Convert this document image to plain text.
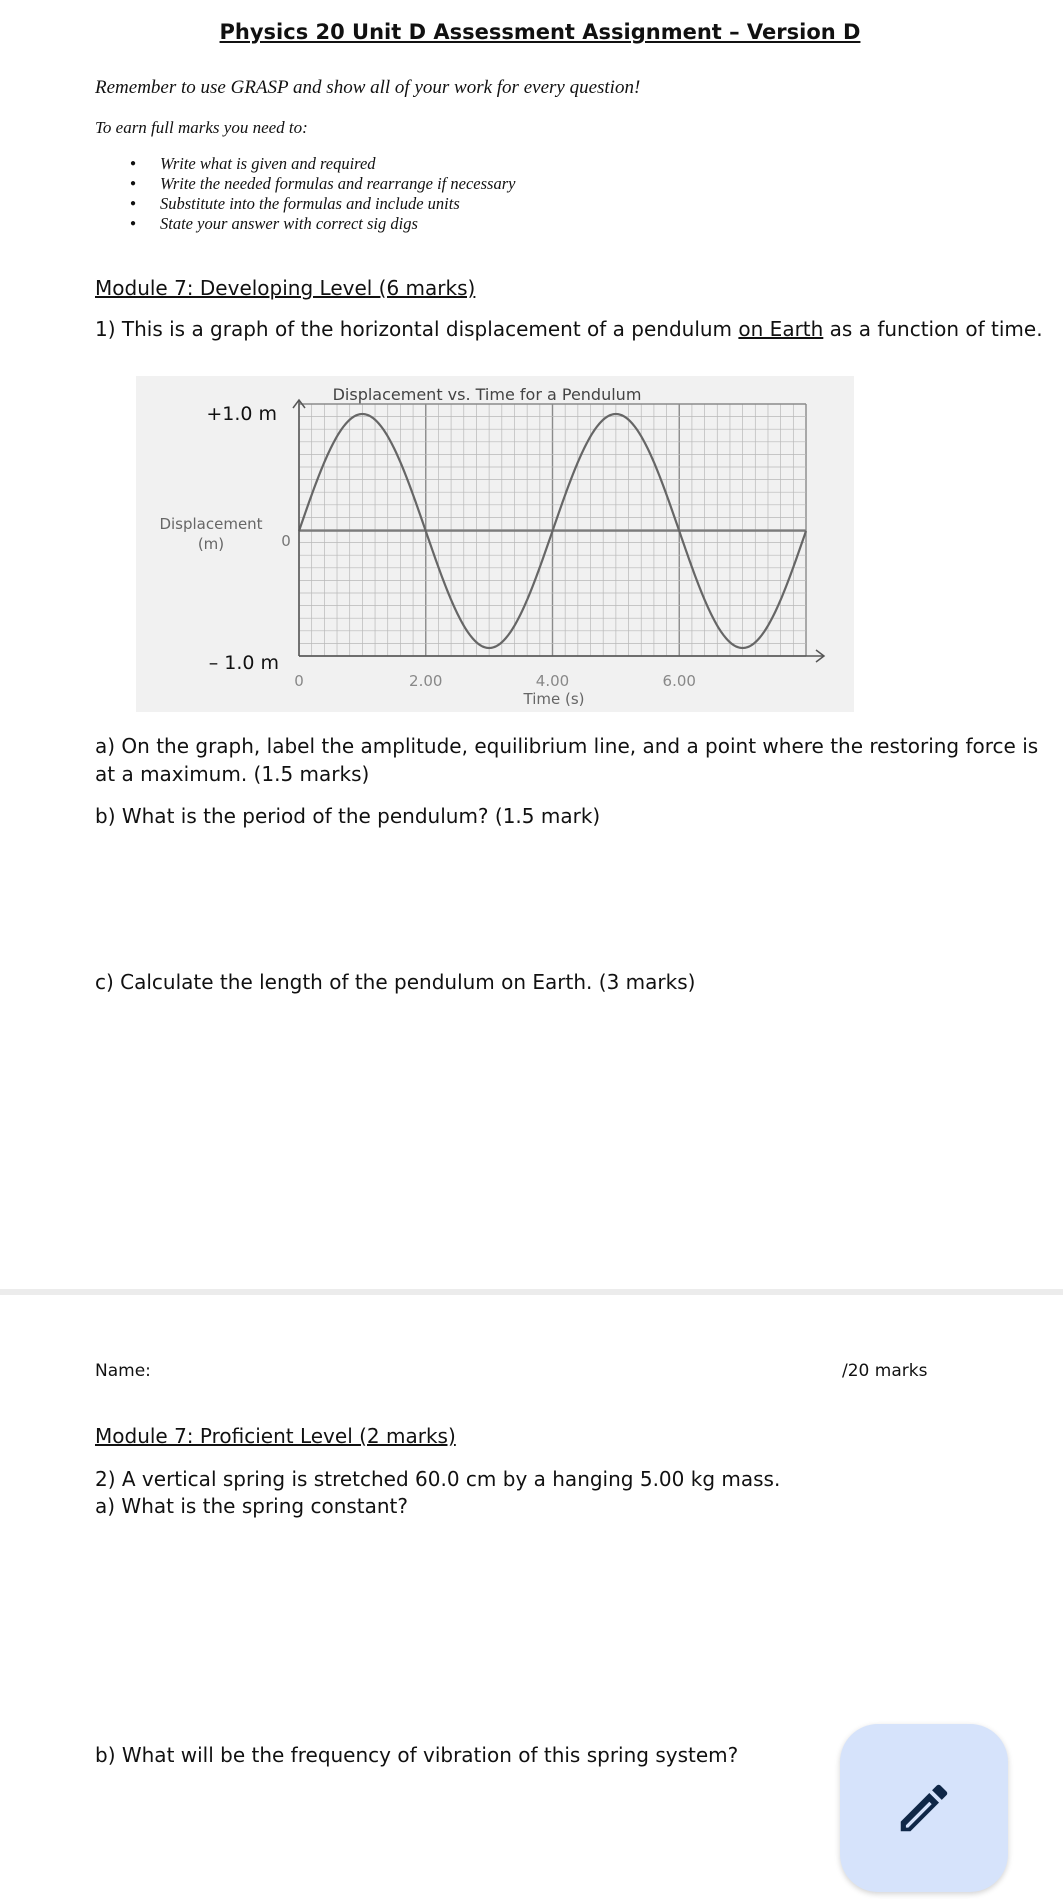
Physics 20 Unit D Assessment Assignment – Version D
Remember to use GRASP and show all of your work for every question!
To earn full marks you need to:
● Write what is given and required
● Write the needed formulas and rearrange if necessary
● Substitute into the formulas and include units
● State your answer with correct sig digs
Module 7: Developing Level (6 marks)
1) This is a graph of the horizontal displacement of a pendulum on Earth as a function of time.
Displacement vs. Time for a Pendulum
+1.0 m
0
– 1.0 m
Displacement
(m)
0	2.00	4.00	6.00
Time (s)
a) On the graph, label the amplitude, equilibrium line, and a point where the restoring force is
at a maximum. (1.5 marks)
b) What is the period of the pendulum? (1.5 mark)
c) Calculate the length of the pendulum on Earth. (3 marks)
Name:	/20 marks
Module 7: Proficient Level (2 marks)
2) A vertical spring is stretched 60.0 cm by a hanging 5.00 kg mass.
a) What is the spring constant?
b) What will be the frequency of vibration of this spring system?
